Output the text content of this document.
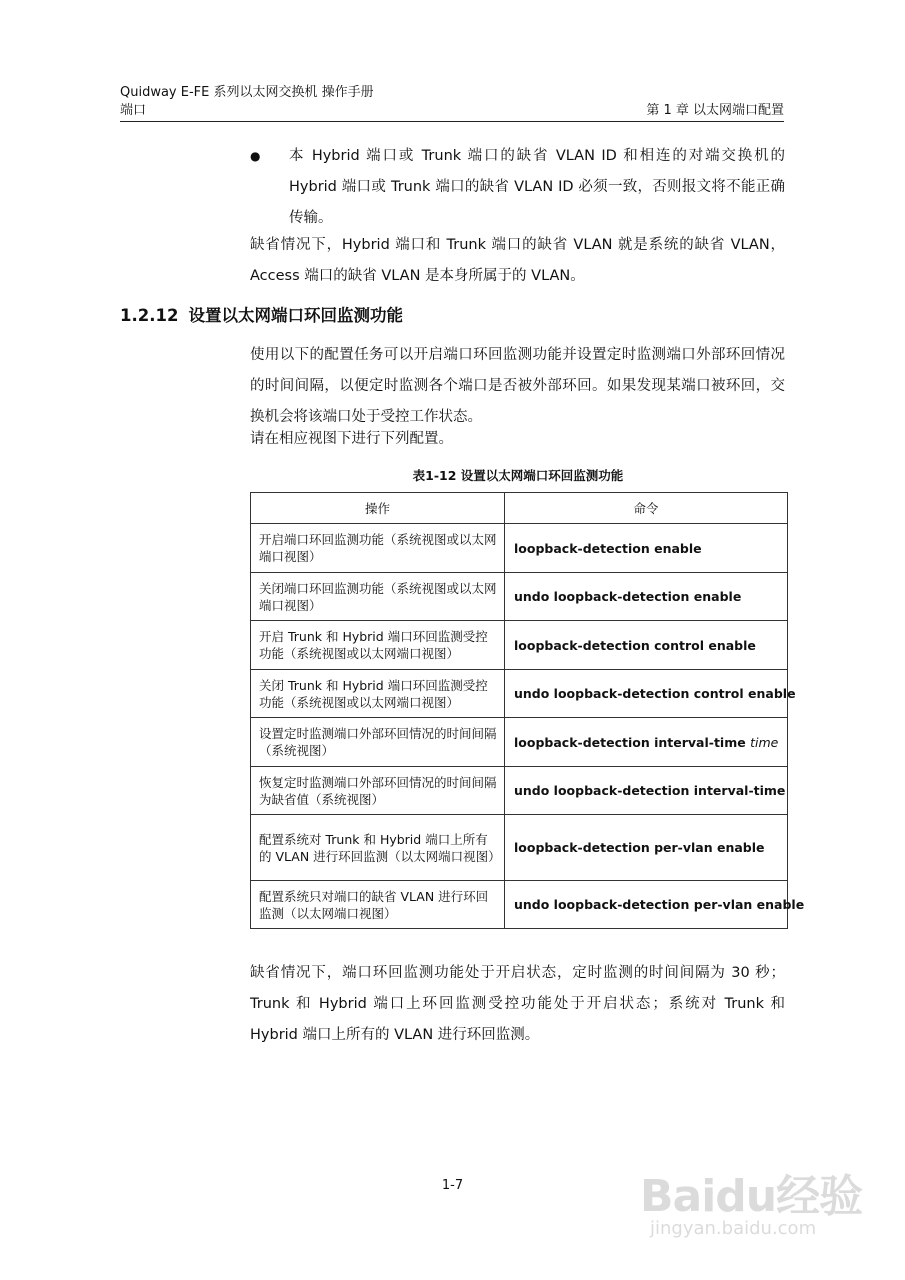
Quidway E-FE 系列以太网交换机 操作手册
端口	第 1 章 以太网端口配置
● 本 Hybrid 端口或 Trunk 端口的缺省 VLAN ID 和相连的对端交换机的 Hybrid 端口或 Trunk 端口的缺省 VLAN ID 必须一致，否则报文将不能正确传输。
缺省情况下，Hybrid 端口和 Trunk 端口的缺省 VLAN 就是系统的缺省 VLAN，Access 端口的缺省 VLAN 是本身所属于的 VLAN。
1.2.12 设置以太网端口环回监测功能
使用以下的配置任务可以开启端口环回监测功能并设置定时监测端口外部环回情况的时间间隔，以便定时监测各个端口是否被外部环回。如果发现某端口被环回，交换机会将该端口处于受控工作状态。
请在相应视图下进行下列配置。
表1-12 设置以太网端口环回监测功能
操作	命令
开启端口环回监测功能（系统视图或以太网端口视图）	loopback-detection enable
关闭端口环回监测功能（系统视图或以太网端口视图）	undo loopback-detection enable
开启 Trunk 和 Hybrid 端口环回监测受控功能（系统视图或以太网端口视图）	loopback-detection control enable
关闭 Trunk 和 Hybrid 端口环回监测受控功能（系统视图或以太网端口视图）	undo loopback-detection control enable
设置定时监测端口外部环回情况的时间间隔（系统视图）	loopback-detection interval-time time
恢复定时监测端口外部环回情况的时间间隔为缺省值（系统视图）	undo loopback-detection interval-time
配置系统对 Trunk 和 Hybrid 端口上所有的 VLAN 进行环回监测（以太网端口视图）	loopback-detection per-vlan enable
配置系统只对端口的缺省 VLAN 进行环回监测（以太网端口视图）	undo loopback-detection per-vlan enable
缺省情况下，端口环回监测功能处于开启状态，定时监测的时间间隔为 30 秒；Trunk 和 Hybrid 端口上环回监测受控功能处于开启状态；系统对 Trunk 和 Hybrid 端口上所有的 VLAN 进行环回监测。
1-7	Baidu经验
jingyan.baidu.com
